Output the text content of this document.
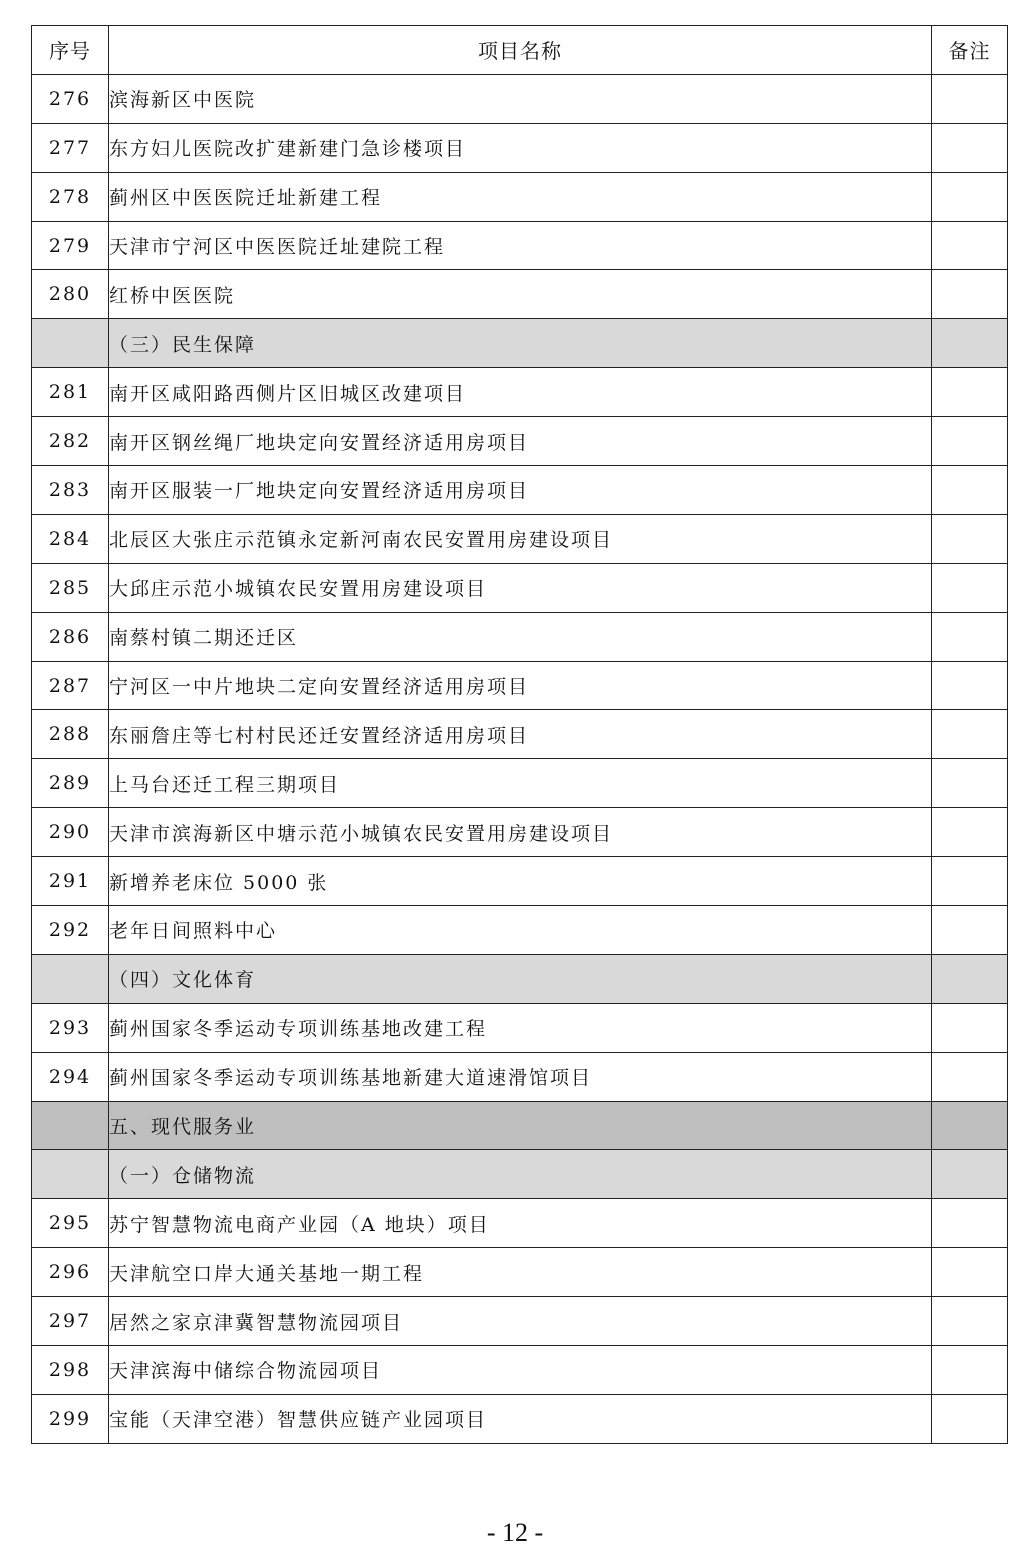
序号	项目名称	备注
276	滨海新区中医院	
277	东方妇儿医院改扩建新建门急诊楼项目	
278	蓟州区中医医院迁址新建工程	
279	天津市宁河区中医医院迁址建院工程	
280	红桥中医医院	
	（三）民生保障	
281	南开区咸阳路西侧片区旧城区改建项目	
282	南开区钢丝绳厂地块定向安置经济适用房项目	
283	南开区服装一厂地块定向安置经济适用房项目	
284	北辰区大张庄示范镇永定新河南农民安置用房建设项目	
285	大邱庄示范小城镇农民安置用房建设项目	
286	南蔡村镇二期还迁区	
287	宁河区一中片地块二定向安置经济适用房项目	
288	东丽詹庄等七村村民还迁安置经济适用房项目	
289	上马台还迁工程三期项目	
290	天津市滨海新区中塘示范小城镇农民安置用房建设项目	
291	新增养老床位 5000 张	
292	老年日间照料中心	
	（四）文化体育	
293	蓟州国家冬季运动专项训练基地改建工程	
294	蓟州国家冬季运动专项训练基地新建大道速滑馆项目	
	五、现代服务业	
	（一）仓储物流	
295	苏宁智慧物流电商产业园（A 地块）项目	
296	天津航空口岸大通关基地一期工程	
297	居然之家京津冀智慧物流园项目	
298	天津滨海中储综合物流园项目	
299	宝能（天津空港）智慧供应链产业园项目	
- 12 -
